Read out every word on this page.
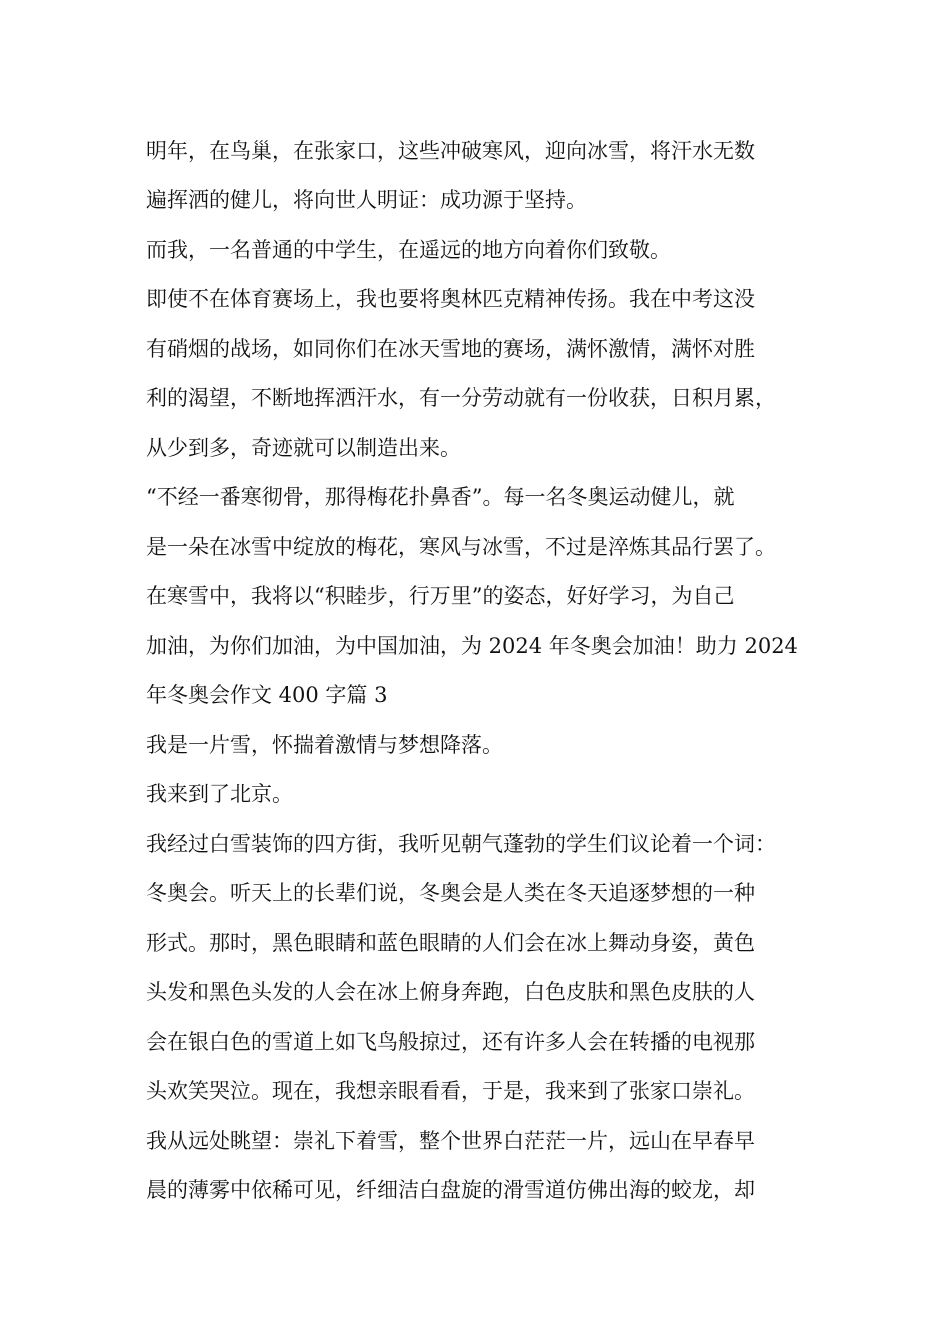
明年，在鸟巢，在张家口，这些冲破寒风，迎向冰雪，将汗水无数
遍挥洒的健儿，将向世人明证：成功源于坚持。
而我，一名普通的中学生，在遥远的地方向着你们致敬。
即使不在体育赛场上，我也要将奥林匹克精神传扬。我在中考这没
有硝烟的战场，如同你们在冰天雪地的赛场，满怀激情，满怀对胜
利的渴望，不断地挥洒汗水，有一分劳动就有一份收获，日积月累，
从少到多，奇迹就可以制造出来。
“不经一番寒彻骨，那得梅花扑鼻香”。每一名冬奥运动健儿，就
是一朵在冰雪中绽放的梅花，寒风与冰雪，不过是淬炼其品行罢了。
在寒雪中，我将以“积睦步，行万里”的姿态，好好学习，为自己
加油，为你们加油，为中国加油，为 2024 年冬奥会加油！助力 2024
年冬奥会作文 400 字篇 3
我是一片雪，怀揣着激情与梦想降落。
我来到了北京。
我经过白雪装饰的四方街，我听见朝气蓬勃的学生们议论着一个词：
冬奥会。听天上的长辈们说，冬奥会是人类在冬天追逐梦想的一种
形式。那时，黑色眼睛和蓝色眼睛的人们会在冰上舞动身姿，黄色
头发和黑色头发的人会在冰上俯身奔跑，白色皮肤和黑色皮肤的人
会在银白色的雪道上如飞鸟般掠过，还有许多人会在转播的电视那
头欢笑哭泣。现在，我想亲眼看看，于是，我来到了张家口崇礼。
我从远处眺望：崇礼下着雪，整个世界白茫茫一片，远山在早春早
晨的薄雾中依稀可见，纤细洁白盘旋的滑雪道仿佛出海的蛟龙，却
